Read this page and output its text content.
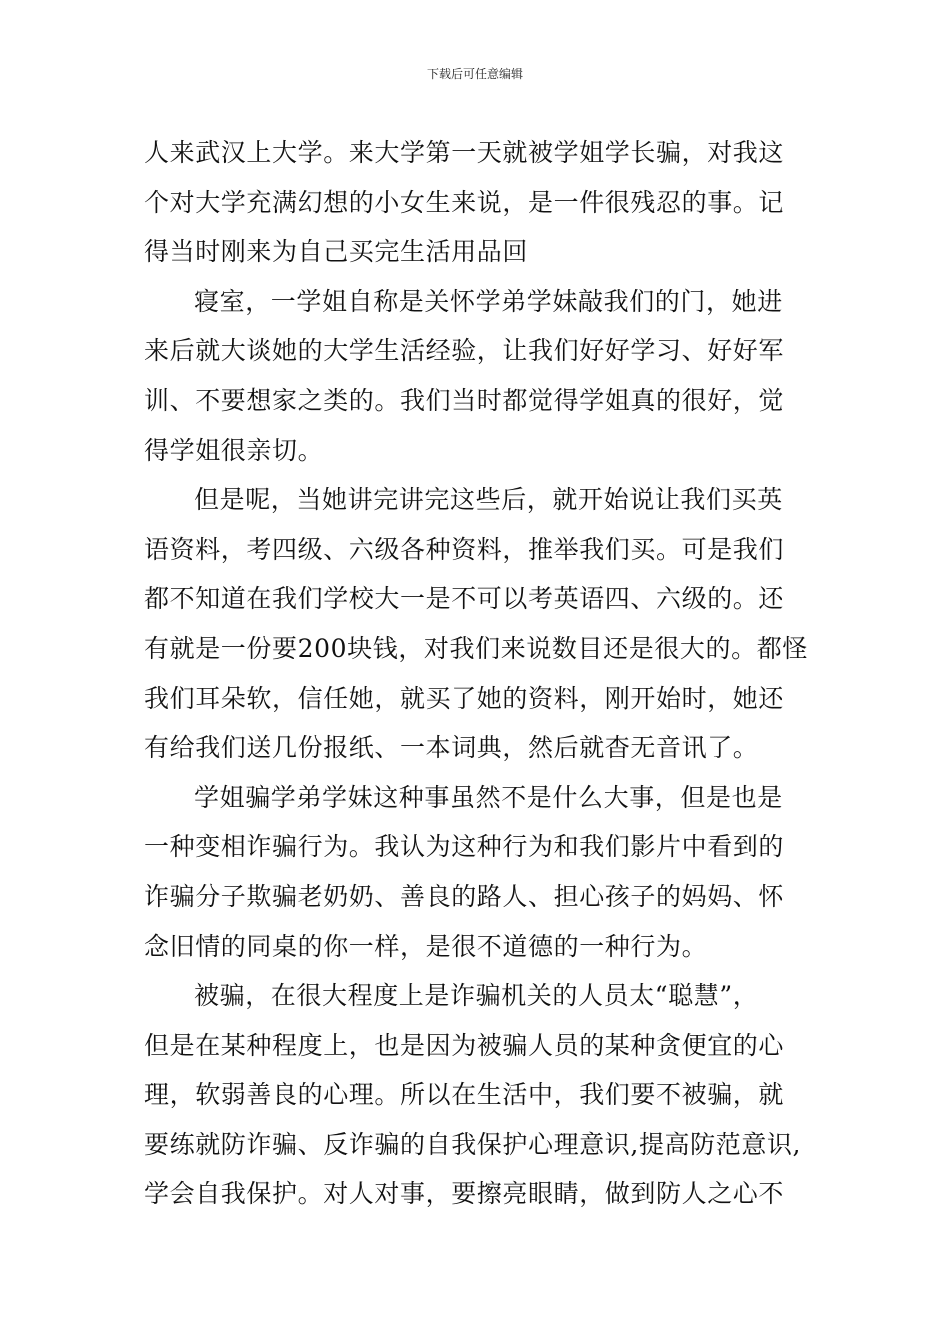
下载后可任意编辑
人来武汉上大学。来大学第一天就被学姐学长骗，对我这
个对大学充满幻想的小女生来说，是一件很残忍的事。记
得当时刚来为自己买完生活用品回
寝室，一学姐自称是关怀学弟学妹敲我们的门，她进
来后就大谈她的大学生活经验，让我们好好学习、好好军
训、不要想家之类的。我们当时都觉得学姐真的很好，觉
得学姐很亲切。
但是呢，当她讲完讲完这些后，就开始说让我们买英
语资料，考四级、六级各种资料，推举我们买。可是我们
都不知道在我们学校大一是不可以考英语四、六级的。还
有就是一份要200块钱，对我们来说数目还是很大的。都怪
我们耳朵软，信任她，就买了她的资料，刚开始时，她还
有给我们送几份报纸、一本词典，然后就杳无音讯了。
学姐骗学弟学妹这种事虽然不是什么大事，但是也是
一种变相诈骗行为。我认为这种行为和我们影片中看到的
诈骗分子欺骗老奶奶、善良的路人、担心孩子的妈妈、怀
念旧情的同桌的你一样，是很不道德的一种行为。
被骗，在很大程度上是诈骗机关的人员太“聪慧”，
但是在某种程度上，也是因为被骗人员的某种贪便宜的心
理，软弱善良的心理。所以在生活中，我们要不被骗，就
要练就防诈骗、反诈骗的自我保护心理意识,提高防范意识,
学会自我保护。对人对事，要擦亮眼睛，做到防人之心不
